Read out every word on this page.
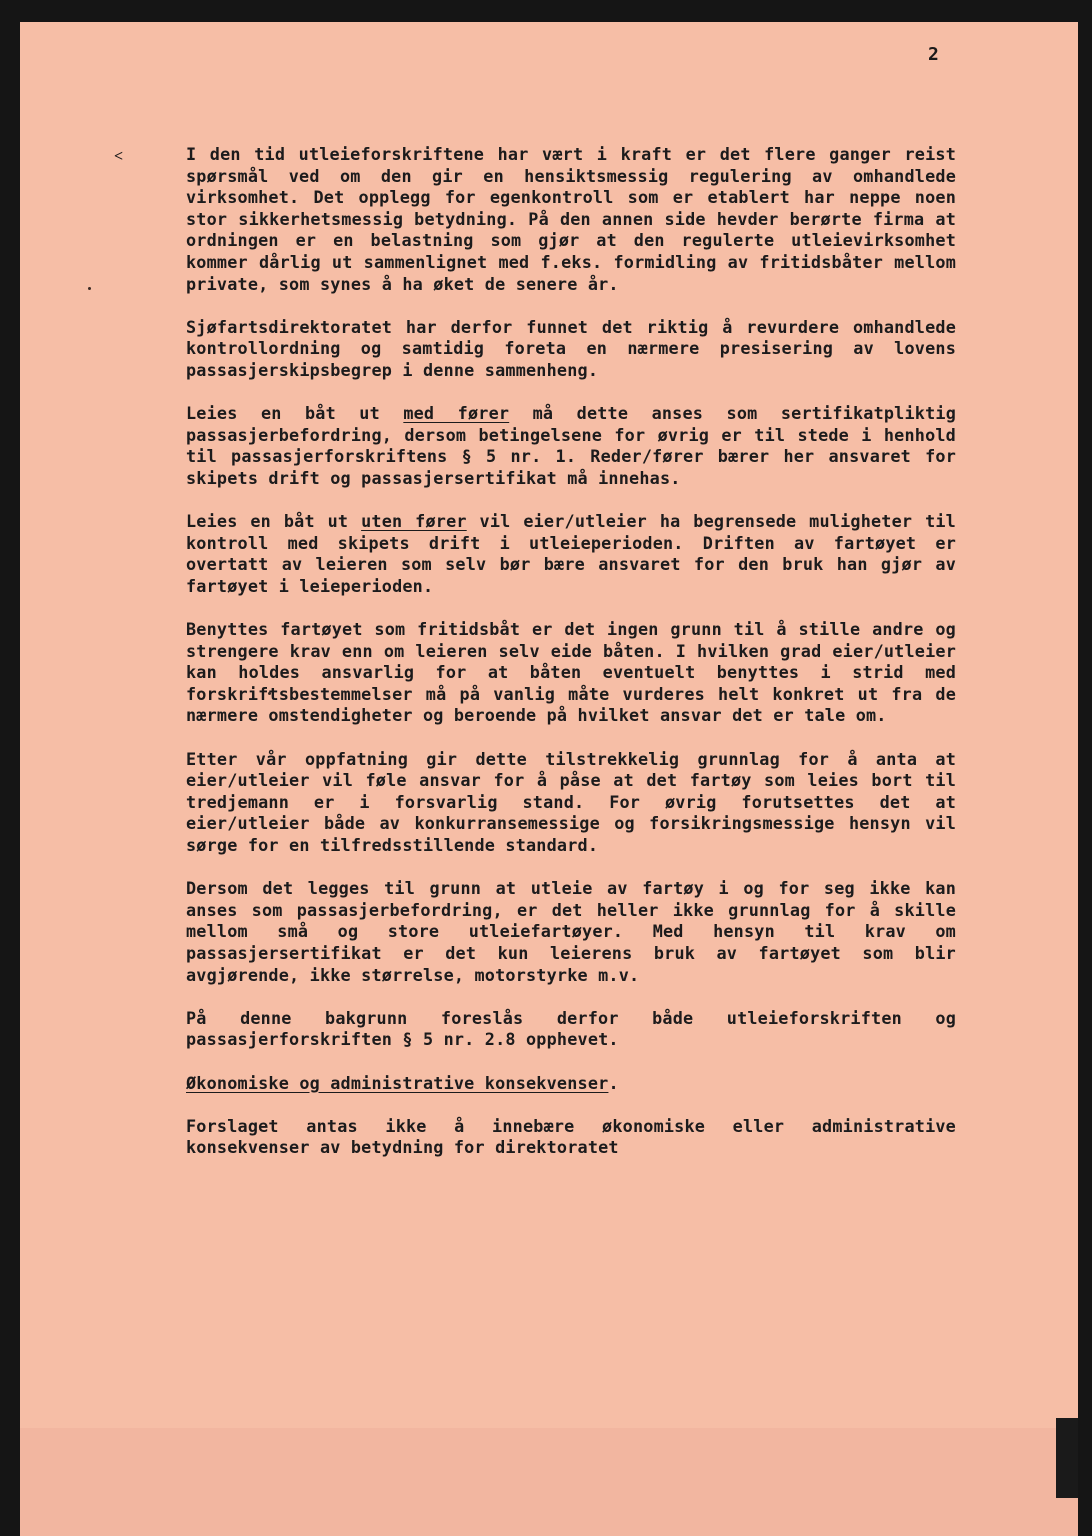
2
˂	I den tid utleieforskriftene har vært i kraft er det flere ganger reist spørsmål ved om den gir en hensiktsmessig regulering av omhandlede virksomhet. Det opplegg for egenkontroll som er etablert har neppe noen stor sikkerhetsmessig betydning. På den annen side hevder berørte firma at ordningen er en belastning som gjør at den regulerte utleievirksomhet kommer dårlig ut sammenlignet med f.eks. formidling av fritidsbåter mellom private, som synes å ha øket de senere år.

Sjøfartsdirektoratet har derfor funnet det riktig å revurdere omhandlede kontrollordning og samtidig foreta en nærmere presisering av lovens passasjerskipsbegrep i denne sammenheng.

Leies en båt ut med fører må dette anses som sertifikatpliktig passasjerbefordring, dersom betingelsene for øvrig er til stede i henhold til passasjerforskriftens § 5 nr. 1. Reder/fører bærer her ansvaret for skipets drift og passasjersertifikat må innehas.

Leies en båt ut uten fører vil eier/utleier ha begrensede muligheter til kontroll med skipets drift i utleieperioden. Driften av fartøyet er overtatt av leieren som selv bør bære ansvaret for den bruk han gjør av fartøyet i leieperioden.

Benyttes fartøyet som fritidsbåt er det ingen grunn til å stille andre og strengere krav enn om leieren selv eide båten. I hvilken grad eier/utleier kan holdes ansvarlig for at båten eventuelt benyttes i strid med forskriftsbestemmelser må på vanlig måte vurderes helt konkret ut fra de nærmere omstendigheter og beroende på hvilket ansvar det er tale om.

Etter vår oppfatning gir dette tilstrekkelig grunnlag for å anta at eier/utleier vil føle ansvar for å påse at det fartøy som leies bort til tredjemann er i forsvarlig stand. For øvrig forutsettes det at eier/utleier både av konkurransemessige og forsikringsmessige hensyn vil sørge for en tilfredsstillende standard.

Dersom det legges til grunn at utleie av fartøy i og for seg ikke kan anses som passasjerbefordring, er det heller ikke grunnlag for å skille mellom små og store utleiefartøyer. Med hensyn til krav om passasjersertifikat er det kun leierens bruk av fartøyet som blir avgjørende, ikke størrelse, motorstyrke m.v.

På denne bakgrunn foreslås derfor både utleieforskriften og passasjerforskriften § 5 nr. 2.8 opphevet.

Økonomiske og administrative konsekvenser.

Forslaget antas ikke å innebære økonomiske eller administrative konsekvenser av betydning for direktoratet
